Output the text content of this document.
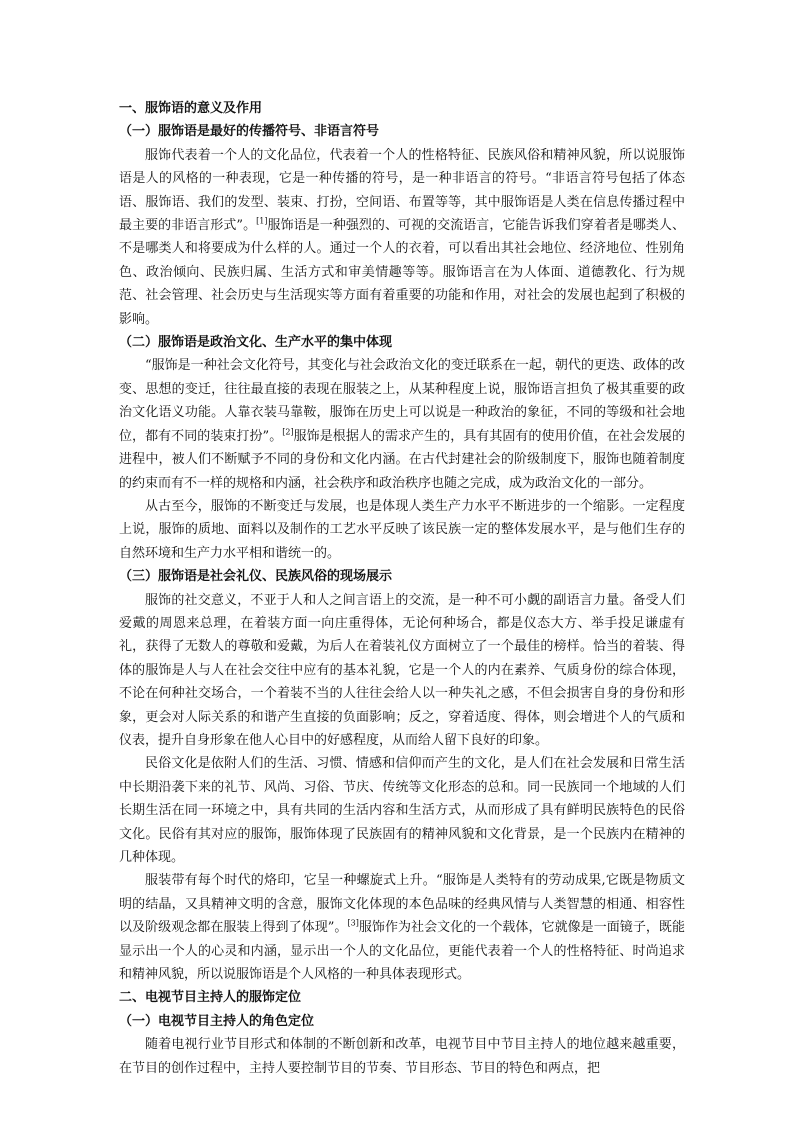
一、服饰语的意义及作用

（一）服饰语是最好的传播符号、非语言符号

服饰代表着一个人的文化品位，代表着一个人的性格特征、民族风俗和精神风貌，所以说服饰语是人的风格的一种表现，它是一种传播的符号，是一种非语言的符号。“非语言符号包括了体态语、服饰语、我们的发型、装束、打扮，空间语、布置等等，其中服饰语是人类在信息传播过程中最主要的非语言形式”。[1]服饰语是一种强烈的、可视的交流语言，它能告诉我们穿着者是哪类人、不是哪类人和将要成为什么样的人。通过一个人的衣着，可以看出其社会地位、经济地位、性别角色、政治倾向、民族归属、生活方式和审美情趣等等。服饰语言在为人体面、道德教化、行为规范、社会管理、社会历史与生活现实等方面有着重要的功能和作用，对社会的发展也起到了积极的影响。

（二）服饰语是政治文化、生产水平的集中体现

“服饰是一种社会文化符号，其变化与社会政治文化的变迁联系在一起，朝代的更迭、政体的改变、思想的变迁，往往最直接的表现在服装之上，从某种程度上说，服饰语言担负了极其重要的政治文化语义功能。人靠衣装马靠鞍，服饰在历史上可以说是一种政治的象征，不同的等级和社会地位，都有不同的装束打扮”。[2]服饰是根据人的需求产生的，具有其固有的使用价值，在社会发展的进程中，被人们不断赋予不同的身份和文化内涵。在古代封建社会的阶级制度下，服饰也随着制度的约束而有不一样的规格和内涵，社会秩序和政治秩序也随之完成，成为政治文化的一部分。

从古至今，服饰的不断变迁与发展，也是体现人类生产力水平不断进步的一个缩影。一定程度上说，服饰的质地、面料以及制作的工艺水平反映了该民族一定的整体发展水平，是与他们生存的自然环境和生产力水平相和谐统一的。

（三）服饰语是社会礼仪、民族风俗的现场展示

服饰的社交意义，不亚于人和人之间言语上的交流，是一种不可小觑的副语言力量。备受人们爱戴的周恩来总理，在着装方面一向庄重得体，无论何种场合，都是仪态大方、举手投足谦虚有礼，获得了无数人的尊敬和爱戴，为后人在着装礼仪方面树立了一个最佳的榜样。恰当的着装、得体的服饰是人与人在社会交往中应有的基本礼貌，它是一个人的内在素养、气质身份的综合体现，不论在何种社交场合，一个着装不当的人往往会给人以一种失礼之感，不但会损害自身的身份和形象，更会对人际关系的和谐产生直接的负面影响；反之，穿着适度、得体，则会增进个人的气质和仪表，提升自身形象在他人心目中的好感程度，从而给人留下良好的印象。

民俗文化是依附人们的生活、习惯、情感和信仰而产生的文化，是人们在社会发展和日常生活中长期沿袭下来的礼节、风尚、习俗、节庆、传统等文化形态的总和。同一民族同一个地域的人们长期生活在同一环境之中，具有共同的生活内容和生活方式，从而形成了具有鲜明民族特色的民俗文化。民俗有其对应的服饰，服饰体现了民族固有的精神风貌和文化背景，是一个民族内在精神的几种体现。

服装带有每个时代的烙印，它呈一种螺旋式上升。“服饰是人类特有的劳动成果,它既是物质文明的结晶，又具精神文明的含意，服饰文化体现的本色品味的经典风情与人类智慧的相通、相容性以及阶级观念都在服装上得到了体现”。[3]服饰作为社会文化的一个载体，它就像是一面镜子，既能显示出一个人的心灵和内涵，显示出一个人的文化品位，更能代表着一个人的性格特征、时尚追求和精神风貌，所以说服饰语是个人风格的一种具体表现形式。

二、电视节目主持人的服饰定位

（一）电视节目主持人的角色定位

随着电视行业节目形式和体制的不断创新和改革，电视节目中节目主持人的地位越来越重要，在节目的创作过程中，主持人要控制节目的节奏、节目形态、节目的特色和两点，把
